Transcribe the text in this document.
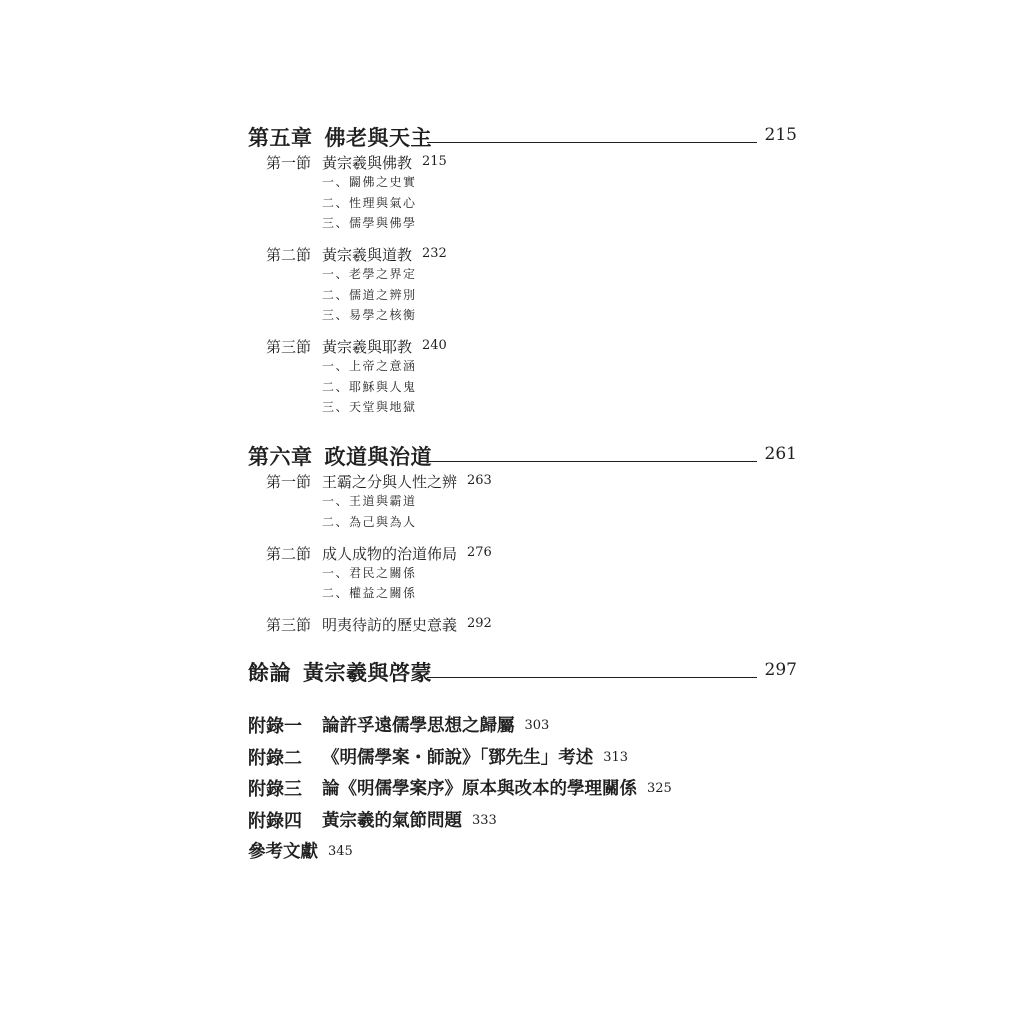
第五章 佛老與天主	215
第一節 黃宗羲與佛教 215
一、闢佛之史實
二、性理與氣心
三、儒學與佛學
第二節 黃宗羲與道教 232
一、老學之界定
二、儒道之辨別
三、易學之核衡
第三節 黃宗羲與耶教 240
一、上帝之意涵
二、耶穌與人鬼
三、天堂與地獄
第六章 政道與治道	261
第一節 王霸之分與人性之辨 263
一、王道與霸道
二、為己與為人
第二節 成人成物的治道佈局 276
一、君民之關係
二、權益之關係
第三節 明夷待訪的歷史意義 292
餘論 黃宗羲與啓蒙	297
附錄一 論許孚遠儒學思想之歸屬 303
附錄二 《明儒學案・師說》「鄧先生」考述 313
附錄三 論《明儒學案序》原本與改本的學理關係 325
附錄四 黃宗羲的氣節問題 333
參考文獻 345
